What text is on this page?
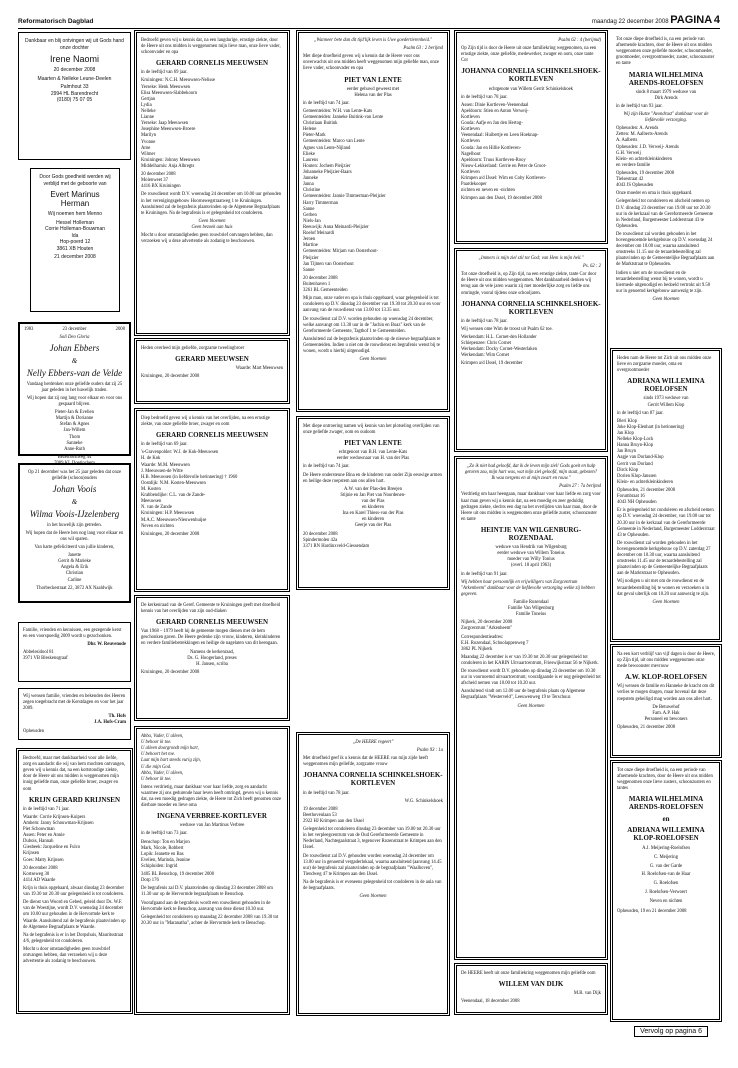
Reformatorisch Dagblad	maandag 22 december 2008 PAGINA 4

Dankbaar en blij ontvingen wij uit Gods hand onze dochter

Irene Naomi

20 december 2008

Maarten & Nelleke Leune-Deelen

Palmhout 33
2994 HL Barendrecht
(0180) 75 07 05

Door Gods goedheid werden wij verblijd met de geboorte van

Evert Marinus Herman

Wij noemen hem Menno

Hessel Holleman
Corrie Holleman-Bouwman
Ida
Hop-poerd 12
3861 XB Houten

21 december 2008

1983	23 december	2008

Soli Deo Gloria

Johan Ebbers
&
Nelly Ebbers-van de Velde

Vandaag herdenken onze geliefde ouders dat zij 25 jaar geleden in het huwelijk traden.

Wij hopen dat zij nog lang voor elkaar en voor ons gespaard blijven.

Pieter-Jan & Evelien
Martijn & Dorianne
Stefan & Agnes
Jan-Willem
Thom
Sanneke
Anne-Ruth

Bezelhorstweg 44
7009 KL Doetinchem

Op 21 december was het 25 jaar geleden dat onze geliefde (schoon)ouders

Johan Voois
&
Wilma Voois-IJzelenberg

in het huwelijk zijn getreden.

Wij hopen dat de Heere hen nog lang voor elkaar en ons wil sparen.

Van harte gefeliciteerd van jullie kinderen,

Janette
Gerrit & Marieke
Angela & Erik
Christian
Carline

Thorbeckestraat 22, 3872 AX Naaldwijk

Familie, vrienden en kennissen, een gezegende kerst en een voorspoedig 2009 wordt u gezschonken.

Dhr. W. Reuvenode

Abbelesidool 81
3971 VB Bleskensgraaf

Wij wensen familie, vrienden en bekenden des Heeren zegen toegebracht met de Kerstdagen en voor het jaar 2009.

Th. Hofs
J.A. Hofs-Cram

Opheusden

Bedroefd, maar met dankbaarheid voor alle liefde, zorg en aandacht die wij van hem mochten ontvangen, geven wij u kennis dat, na een kortstondige ziekte, door de Heere uit ons midden is weggenomen mijn innig geliefde man, onze geliefde broer, zwager en oom

KRIJN GERARD KRIJNSEN

in de leeftijd van 71 jaar.

Waarde: Corrie Krijnsen-Kuipers
Amhem: Janny Schouwman-Krijnsen
Piet Schouwman
Assen: Peter en Annie
Dubois, Hannah
Giesbeek: Jacqueline en Fulco
Krijnsen
Goes: Matty Krijnsen

20 december 2008
Kortseweg 30
4414 AD Waarde

Krijn is thuis opgebaard, alwaar dinsdag 23 december van 19.30 tot 20.30 uur gelegenheid is tot condoleren.

De dienst van Woord en Gebed, geleid door Ds. W.F. van de Woestijne, wordt D.V. woensdag 24 december om 10.00 uur gehouden in de Hervormde kerk te Waarde. Aansluitend zal de begrafenis plaatsvinden op de Algemene Begraafplaats te Waarde.

Na de begrafenis is er in het Dorpshuis, Mauritsstraat 4/6, gelegenheid tot condoleren.

Mocht u door omstandigheden geen rouwbrief ontvangen hebben, dan verzoeken wij u deze advertentie als zodanig te beschouwen.

Bedroefd geven wij u kennis dat, na een langdurige, ernstige ziekte, door de Heere uit ons midden is weggenomen mijn lieve man, onze lieve vader, schoonvader en opa

GERARD CORNELIS MEEUWSEN

in de leeftijd van 69 jaar.

Kruiningen: N.C.H. Meeuwsen-Nelisse
Yerseke: Henk Meeuwsen
Elisa Meeuwsen-Slabbekoorn
Gertjan
Lydia
Nelleke
Lianne
Yerseke: Jaap Meeuwsen
Josephine Meeuwsen-Broere
Marilyn
Yvonne
Arne
Wilmer
Kruiningen: Johnny Meeuwsen
Middelharnis: Anja Albregts

20 december 2008
Molenweet 37
4416 BX Kruiningen

De rouwdienst wordt D.V. woensdag 24 december om 10.00 uur gehouden in het verenigingsgebouw Hoornewegstraatweg 1 te Kruiningen. Aansluitend zal de begrafenis plaatsvinden op de Algemene Begraafplaats te Kruiningen. Na de begrafenis is er gelegenheid tot condoleren.

Geen bloemen
Geen bezoek aan huis

Mocht u door omstandigheden geen rouwbrief ontvangen hebben, dan verzoeken wij u deze advertentie als zodanig te beschouwen.

Heden overleed mijn geliefde, zorgzame tweelingbroer

GERARD MEEUWSEN

Waarde: Mart Meeuwsen

Kruiningen, 20 december 2008

Diep bedroefd geven wij u kennis van het overlijden, na een ernstige ziekte, van onze geliefde broer, zwager en oom

GERARD CORNELIS MEEUWSEN

in de leeftijd van 69 jaar.

's-Gravenpolder: W.J. de Kok-Meeuwsen
H. de Kok
Waarde: M.M. Meeuwsen
J. Meeuwsen-de Witte
H.B. Meeuwsen (in liefdevolle herinnering) † 1960
Oostdijk: N.M. Kosten-Meeuwsen
M. Kosten
Krabbendijke: C.L. van de Zande-
Meeuwsen
N. van de Zande
Kruiningen: H.P. Meeuwsen
M.A.C. Meeuwsen-Nieuwenhuijse
Neven en nichten

Kruiningen, 20 december 2008

De kerkenraad van de Geref. Gemeente te Kruiningen geeft met droefheid kennis van het overlijden van zijn oud-diaken

GERARD CORNELIS MEEUWSEN

Van 1968 – 1979 heeft hij de gemeente mogen dienen met de hem geschonken gaven. De Heere gedenke zijn vrouw, kinderen, kleinkinderen en verdere familiebetrekkingen en heilige de nagelaten van dit heengaan.

Namens de kerkenraad,
Ds. G. Hoogerland, preses
H. Jansen, scriba

Kruiningen, 20 december 2008

Abba, Vader, U alleen,
U behoor ik toe.
U alleen doorgrondt mijn hart,
U behoort het toe.
Laat mijn hart steeds vurig zijn,
U die mijn God.
Abba, Vader, U alleen,
U behoor ik toe.

Intens verdrietig, maar dankbaar voor haar liefde, zorg en aandacht waarmee zij ons gedurende haar leven heeft omringd, geven wij u kennis dat, na een moedig gedragen ziekte, de Heere tot Zich heeft genomen onze dierbare moeder en lieve oma

INGENA VERBREE-KORTLEVER

weduwe van Jan Martinus Verbree

in de leeftijd van 73 jaar.

Benschop: Ton en Marjon
Mark, Nicole, Robbert
Lopik: Jeanette en Bas
Evelien, Marinda, Jeanine
Schipluiden: Ingrid

3405 BL Benschop, 19 december 2008
Dorp 176

De begrafenis zal D.V. plaatsvinden op dinsdag 23 december 2008 om 11.30 uur op de Hervormde begraafplaats te Benschop.

Voorafgaand aan de begrafenis wordt een rouwdienst gehouden in de Hervormde kerk te Benschop, aanvang van deze dienst 10.30 uur.

Gelegenheid tot condoleren op maandag 22 december 2008 van 19.30 tot 20.30 uur in "Maranatha", achter de Hervormde kerk te Benschop.

„Wanneer bete dan dit tijd'lijk leven is Uwe goedertierenheid."

Psalm 63 : 2 berijmd

Met diepe droefheid geven wij u kennis dat de Heere voor ons onverwachts uit ons midden heeft weggenomen mijn geliefde man, onze lieve vader, schoonvader en opa

PIET VAN LENTE

eerder gehuwd geweest met
Helena van der Plas

in de leeftijd van 74 jaar.

Gemeenteiden: W.H. van Lente-Kats
Gemeenteiden: Janneke Buitink-van Lente
Christiaan Buitink
Helene
Pieter-Mark
Gemeenteiden: Marco van Lente
Agnes van Lente-Nijland
Elieke
Laurens
Houten: Jochem Pleijzier
Johanneke Pleijzier-Baars
Janneke
Janna
Christine
Gemeenteiden: Jannie Timmerman-Pleijzier
Harry Timmerman
Sanne
Gerben
Niels-Jan
Reeuwijk: Anna Meinardi-Pleijzier
Roelof Meinardi
Jeroen
Martine
Gemeenteiden: Mirjam van Oosterhout-
Pleijzier
Jan Tijmen van Oosterhout
Sanne

20 december 2008
Buitenhaven 1
3261 BL Gemeenteiden

Mijn man, onze vader en opa is thuis opgebaard, waar gelegenheid is tot condoleren op D.V. dinsdag 23 december van 19.30 tot 20.30 uur en voor aanvang van de rouwdienst van 13.00 tot 13.35 uur.

De rouwdienst zal D.V. worden gehouden op woensdag 24 december, welke aanvangt om 13.30 uur in de "Jachin en Boaz" kerk van de Gereformeerde Gemeente, Tagthof 1 te Gemeenteiden.

Aansluitend zal de begrafenis plaatsvinden op de nieuwe begraafplaats te Gemeenteiden. Indien u niet om de rouwdienst en begrafenis wenst bij te wonen, wordt u hierbij uitgenodigd.

Geen bloemen

Met diepe ontroering namen wij kennis van het plotseling overlijden van onze geliefde zwager, oom en oudoom

PIET VAN LENTE

echtgenoot van B.H. van Lente-Kats
eerder weduwnaar van H. van der Plas

in de leeftijd van 74 jaar.

De Heere ondersteune Bina en de kinderen van onder Zijn eeuwige armen en heilige deze roepstem aan ons allen hart.

A.W. van der Plas-den Breejen
Stijnie en Jan Piet van Noordenen-
van der Plas
en kinderen
Ina en Karel Thiess-van der Plas
en kinderen
Geerje van der Plas

20 december 2008
Spindermolen 42a
3371 RN Hardinxveld-Giessendam

„De HEERE regeert"

Psalm 93 : 1a

Met droefheid geef ik u kennis dat de HEERE van mijn zijde heeft weggenomen mijn geliefde, zorgzame vrouw

JOHANNA CORNELIA SCHINKELSHOEK-KORTLEVEN

in de leeftijd van 78 jaar.

W.G. Schinkelshoek

19 december 2008
Beethovenlaan 53
2922 HJ Krimpen aan den IJssel

Gelegenheid tot condoleren dinsdag 23 december van 19.00 tot 20.30 uur in het verpleegcentrum van de Oud Gereformeerde Gemeente in Nederland, Nachtegaalstraat 3, tegenover Rozenstraat te Krimpen aan den IJssel.

De rouwdienst zal D.V. gehouden worden woensdag 24 december om 13.00 uur in genoemd vergaderlokaal, waarna aansluitend (aanvang 14.45 uur) de begrafenis zal plaatsvinden op de begraafplaats "Waalhoven", Tiendweg 47 te Krimpen aan den IJssel.

Na de begrafenis is er eveneens gelegenheid tot condoleren in de aula van de begraafplaats.

Geen bloemen

Psalm 62 : 4 (berijmd)

Op Zijn tijd is door de Heere uit onze familiekring weggenomen, na een ernstige ziekte, onze geliefde, medewerker, zwager en oom, onze tante Cor

JOHANNA CORNELIA SCHINKELSHOEK-KORTLEVEN

echtgenote van Willem Gerrit Schinkelshoek

in de leeftijd van 78 jaar.

Assen: Dinie Kortleven-Veenendaal
Apeldoorn: Stien en Anton Verweij-
Kortleven
Gouda: Aafje en Jan den Hertog-
Kortleven
Veenendaal: Huibertje en Leen Hoeknap-
Kortleven
Gouda: Jan en Hillie Kortleven-
Nagelhout
Apeldoorn: Truus Kortleven-Rooy
Nieuw-Lekkerland: Gerrie en Peter de Groot-
Kortleven
Krimpen a/d IJssel: Wim en Coby Kortleven-
Paardekooper
nichten en neven en -nichten

Krimpen aan den IJssel, 19 december 2008

„Immers is mijn ziel stil tot God; van Hem is mijn heil."

Ps. 62 : 2

Tot onze droefheid is, op Zijn tijd, na een ernstige ziekte, tante Cor door de Heere uit ons midden weggenomen. Met dankbaarheid denken wij terug aan de vele jaren waarin zij met moederlijke zorg en liefde ons omringde, vooral tijdens onze schooljaren.

JOHANNA CORNELIA SCHINKELSHOEK-KORTLEVEN

in de leeftijd van 78 jaar.

Wij wensen ome Wim de troost uit Psalm 62 toe.

Werkendam: H.L. Cornet-den Hollander
Schiepenzee: Chris Cornet
Werkendam: Docky Cornet-Westerlaken
Werkendam: Wim Cornet

Krimpen a/d IJssel, 19 december

„Zo ik niet had geloofd, dat ik de leven mijn ziel! Gods goeit en hulp getoren zou, mijn hart was, wat mijn ziel geloofd, mijn staat, gebezen?
Ik waa nergens en al mijn zwart en rouw."

Psalm 27 : 7a berijmd

Verdrietig om haar heengaan, maar dankbaar voor haar liefde en zorg voor haar man geven wij u kennis dat, na een moedig en zeer geduldig gedragen ziekte, slechts een dag na het overlijden van haar man, door de Heere uit ons midden is weggenomen onze geliefde zuster, schoonzuster en tante

HEINTJE VAN WILGENBURG-ROZENDAAL

weduwe van Hendrik van Wilgenburg
eerder weduwe van Willem Toneius
moeder van Willy Tonius
(overl. 18 april 1963)

in de leeftijd van 91 jaar.

Wij hebben haar persoonlijk en vrijwilligers van Zorgcentrum "Arkenheem" dankbaar voor de liefdevolle verzorging welke zij hebben gegeven.

Familie Rozendaal
Familie Van Wilgenburg
Familie Toneius

Nijkerk, 20 december 2008
Zorgcentrum "Arkenheem"

Correspondentieadres:
E.H. Rozendaal, Schoolappenweg 7
3862 PL Nijkerk

Maandag 22 december is er van 19.30 tot 20.30 uur gelegenheid tot condoleren in het KARIN Uitvaartcentrum, Frieswijkstraat 56 te Nijkerk.

De rouwdienst wordt D.V. gehouden op dinsdag 23 december om 10.30 uur in voornoemd uitvaartcentrum; voorafgaande is er nog gelegenheid tot afscheid nemen van 10.00 tot 10.20 uur.

Aansluitend vindt om 12.00 uur de begrafenis plaats op Algemene Begraafplaats "Westerveld", Leeuwenweg 19 te Terschuur.

Geen bloemen

De HEERE heeft uit onze familiekring weggenomen mijn geliefde oom

WILLEM VAN DIJK

M.B. van Dijk

Veenendaal, 18 december 2008

Tot onze diepe droefheid is, na een periode van afnemende krachten, door de Heere uit ons midden weggenomen onze geliefde moeder, schoonmoeder, grootmoeder, overgrootmoeder, zuster, schoonzuster en tante

MARIA WILHELMINA ARENDS-ROELOFSEN

sinds 8 maart 1979 weduwe van
Dirk Arends

in de leeftijd van 93 jaar.

Wij zijn Hutze "Avondrust" dankbaar voor de liefdevolle verzorging.

Opheusden: A. Arends
Zetten: M. Aalberts-Arends
A. Aalberts
Opheusden: J.D. Verweij- Arends
G.H. Verweij
Klein- en achterkleinkinderen
en verdere familie

Opheusden, 19 december 2008
Tielsestraat 42
4043 JS Opheusden

Onze moeder en oma is thuis opgebaard.

Gelegenheid tot condoleren en afscheid nemen op D.V. dinsdag 23 december van 19.00 uur tot 20.30 uur in de kerkzaal van de Gereformeerde Gemeente in Nederland, Burgemeester Lodderstraat 43 te Opheusden.

De rouwdienst zal worden gehouden in het bovengenoemde kerkgebouw op D.V. woensdag 24 december om 10.00 uur, waarna aansluitend omstreeks 11.15 uur de teraardebestelling zal plaatsvinden op de Gemeentelijke Begraafplaats aan de Marktstraat te Opheusden.

Indien u niet om de rouwdienst en de teraardebestelling wenst bij te wonen, wordt u hiermede uitgenodigd en bedoeld vertrokt uit 9.50 uur in genoemd kerkgebouw aanwezig te zijn.

Geen bloemen

Heden nam de Heere tot Zich uit ons midden onze lieve en zorgzame moeder, oma en overgrootmoeder

ADRIANA WILLEMINA ROELOFSEN

sinds 1973 weduwe van
Gerrit Willem Klop

in de leeftijd van 87 jaar.

Bleri Klop
Joke Klop-Elenhart (in herinnering)
Jan Klop
Nelleke Klop-Lock
Hanna Bruyn-Klop
Jan Bruyn
Aagje van Dorland-Klop
Gerrit van Dorland
Dirck Klop
Dorien Klop-Janssen
Klein- en achterkleinkinderen

Opheusden, 21 december 2008
Forumbraat 16
4043 NH Opheusden

Er is gelegenheid tot condoleren en afscheid nemen op D.V. woensdag 24 december, van 19.00 uur tot 20.30 uur in de kerkzaal van de Gereformeerde Gemeente in Nederland, Burgemeester Lodderstraat 43 te Opheusden.

De rouwdienst zal worden gehouden in het bovengenoemde kerkgebouw op D.V. zaterdag 27 december om 10.30 uur, waarna aansluitend omstreeks 11.45 uur de teraardebestelling zal plaatsvinden op de Gemeentelijke Begraafplaats aan de Marktstraat te Opheusden.

Wij nodigen u uit met om de rouwdienst en de teraardebestelling bij te wonen en verzoeken u in dat geval uiterlijk om 10.20 uur aanwezig te zijn.

Geen bloemen

Na een kort verblijf van vijf dagen is door de Heere, op Zijn tijd, uit ons midden weggenomen onze mede bewoonster mevrouw

A.W. KLOP-ROELOFSEN

Wij wensen de familie en Hanneke de kracht om dit verlies te mogen dragen, maar bovenal dat deze roepstem geheiligd mag worden aan ons aller hart.

De Betuwehof
Fam. A.P. Hak
Personeel en bewoners

Opheusden, 21 december 2008

Tot onze diepe droefheid is, na een periode van afnemende krachten, door de Heere uit ons midden weggenomen onze lieve zusters, schoonzusters en tantes

MARIA WILHELMINA ARENDS-ROELOFSEN
en
ADRIANA WILLEMINA KLOP-ROELOFSEN

A.J. Meijering-Roelofsen
C. Meijering
G. van der Garde
H. Roelofsen-van de Haar
G. Roelofsen
J. Roelofsen-Verwoert
Neven en nichten

Opheusden, 19 en 21 december 2008

Vervolg op pagina 6
